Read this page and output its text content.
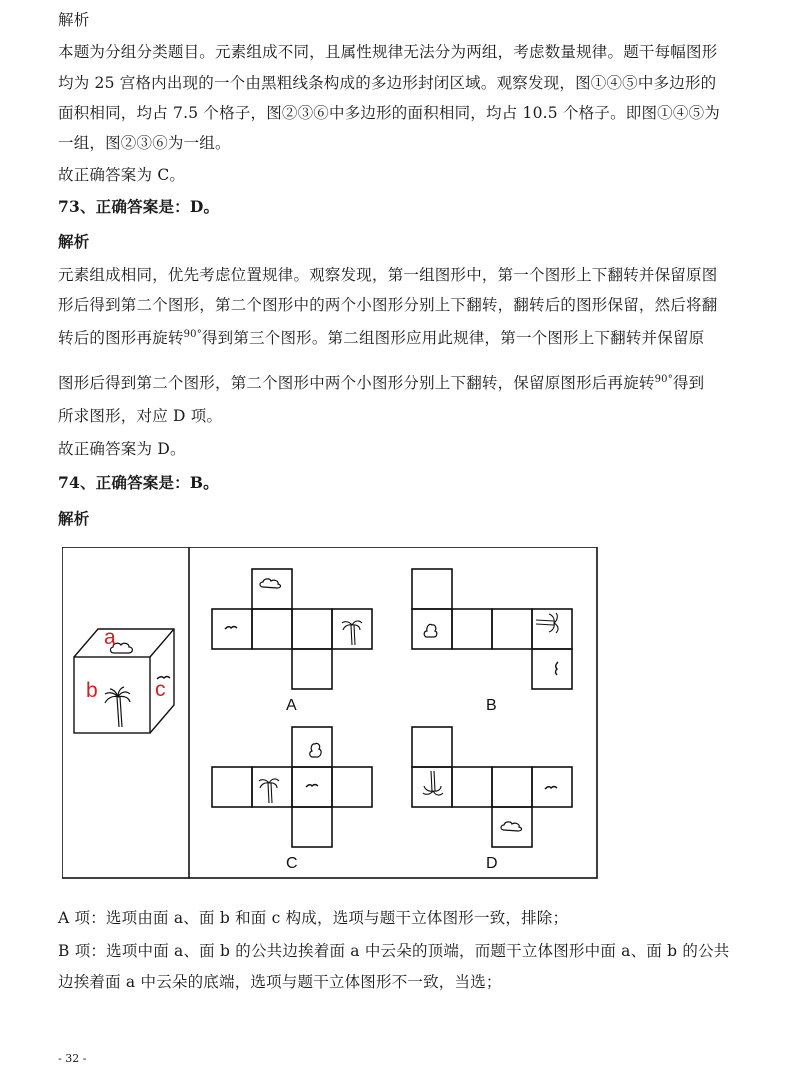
解析
本题为分组分类题目。元素组成不同，且属性规律无法分为两组，考虑数量规律。题干每幅图形
均为 25 宫格内出现的一个由黑粗线条构成的多边形封闭区域。观察发现，图①④⑤中多边形的
面积相同，均占 7.5 个格子，图②③⑥中多边形的面积相同，均占 10.5 个格子。即图①④⑤为
一组，图②③⑥为一组。
故正确答案为 C。
73、正确答案是：D。
解析
元素组成相同，优先考虑位置规律。观察发现，第一组图形中，第一个图形上下翻转并保留原图
形后得到第二个图形，第二个图形中的两个小图形分别上下翻转，翻转后的图形保留，然后将翻
转后的图形再旋转$^{90^\circ}$得到第三个图形。第二组图形应用此规律，第一个图形上下翻转并保留原
图形后得到第二个图形，第二个图形中两个小图形分别上下翻转，保留原图形后再旋转$^{90^\circ}$得到
所求图形，对应 D 项。
故正确答案为 D。
74、正确答案是：B。
解析
a
b	c
A	B
C	D
A 项：选项由面 a、面 b 和面 c 构成，选项与题干立体图形一致，排除；
B 项：选项中面 a、面 b 的公共边挨着面 a 中云朵的顶端，而题干立体图形中面 a、面 b 的公共
边挨着面 a 中云朵的底端，选项与题干立体图形不一致，当选；
- 32 -
